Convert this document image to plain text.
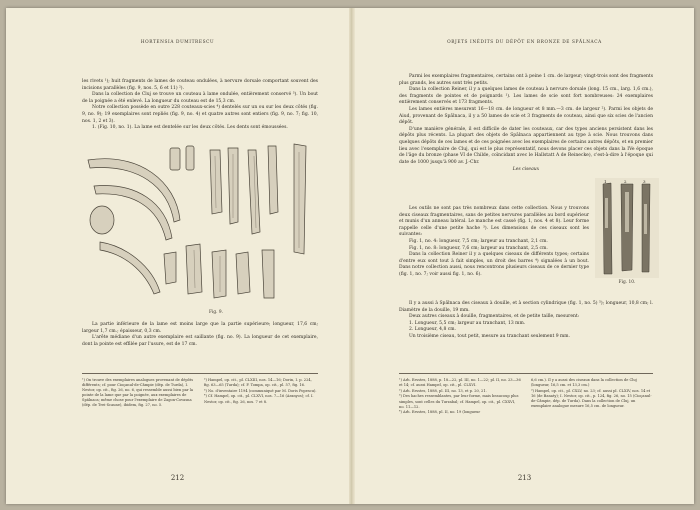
HORTENSIA DUMITRESCU

les rivets ¹); huit fragments de lames de couteau ondulées, à nervure dorsale comportant souvent des incisions parallèles (fig. 9, nos. 5, 6 et 11) ²).

Dans la collection de Cluj se trouve un couteau à lame ondulée, entièrement conservé ³). Un bout de la poignée a été enlevé. La longueur du couteau est de 15,3 cm.

Notre collection possède en outre 228 couteaux-scies ⁴) dentelés sur un ou sur les deux côtés (fig. 9, no. 9); 19 exemplaires sont repliés (fig. 9, no. 4) et quatre autres sont entiers (fig. 9, no. 7; fig. 10, nos. 1, 2 et 3).

1. (Fig. 10, no. 1). La lame est dentelée sur les deux côtés. Les dents sont émoussées.

Fig. 9.

La partie inférieure de la lame est moins large que la partie supérieure; longueur, 17,6 cm; largeur 1,7 cm.; épaisseur, 0,3 cm.

L'arête médiane d'un autre exemplaire est saillante (fig. no. 9). La longueur de cet exemplaire, dont la pointe est effilée par l'usure, est de 17 cm.

¹) On trouve des exemplaires analogues provenant de dépôts différents; cf. pour Cioçanul-de-Câmpie (dép. de Turda), I. Nestor, op. cit., fig. 26, no. 6, qui ressemble aussi bien par la pointe de la lame que par la poignée, aux exemplaires de Spălnaca; même chose pour l'exemplaire de Zagon-Covasna (dép. de Trei-Scaune), ibidem, fig. 27, no. 5.

²) Hampel, op. cit., pl. CLXIII, nos. 14—16; Dorin, I. p. 224, fig. 63—65 (Turda); cf. F. Tompa, op. cit., pl. 57, fig. 16.

³) No. d'inventaire 1194 (communiqué par M. Doris Popescu).

⁴) Cf. Hampel, op. cit., pl. CLXVI, nos. 7—16 (Aranyos); cf. I. Nestor, op. cit., fig. 26, nos. 7 et 8.

212
OBJETS INÉDITS DU DÉPÔT EN BRONZE DE SPĂLNACA

Parmi les exemplaires fragmentaires, certains ont à peine 1 cm. de largeur; vingt-trois sont des fragments plus grands, les autres sont très petits.

Dans la collection Reiner, il y a quelques lames de couteau à nervure dorsale (long. 15 cm., larg. 1,6 cm.), des fragments de pointes et de poignards ¹). Les lames de scie sont fort nombreuses: 24 exemplaires entièrement conservés et 173 fragments.

Les lames entières mesurent 16—18 cm. de longueur et 8 mm.—3 cm. de largeur ²). Parmi les objets de Aiud, provenant de Spălnaca, il y a 50 lames de scie et 3 fragments de couteau, ainsi que six scies de l'ancien dépôt.

D'une manière générale, il est difficile de dater les couteaux, car des types anciens persistent dans les dépôts plus récents. La plupart des objets de Spălnaca appartiennent au type à scie. Nous trouvons dans quelques dépôts de ces lames et de ces poignées avec les exemplaires de certains autres dépôts, et en premier lieu avec l'exemplaire de Cluj, qui est le plus représentatif, nous devons placer ces objets dans la IVe époque de l'âge du bronze (phase VI de Childe, coïncidant avec le Hallstatt A de Reinecke), c'est-à-dire à l'époque qui date de 1000 jusqu'à 900 av. J.-Chr.

Les ciseaux

Les outils ne sont pas très nombreux dans cette collection. Nous y trouvons deux ciseaux fragmentaires, sans de petites nervures parallèles au bord supérieur et munis d'un anneau latéral. Le manche est cassé (fig. 1, nos. 4 et 8). Leur forme rappelle celle d'une petite hache ³). Les dimensions de ces ciseaux sont les suivantes:

Fig. 1, no. 4: longueur, 7,5 cm; largeur au tranchant, 2,1 cm.

Fig. 1, no. 8: longueur, 7,6 cm; largeur au tranchant, 2,5 cm.

Dans la collection Reiner il y a quelques ciseaux de différents types; certains d'entre eux sont tout à fait simples, un droit des barres ⁴) signalées à un bout. Dans notre collection aussi, nous rencontrons plusieurs ciseaux de ce dernier type (fig. 1, no. 7; voir aussi fig. 1, no. 6).

1	2	3
Fig. 10.

Il y a aussi à Spălnaca des ciseaux à douille, et à section cylindrique (fig. 1, no. 5) ⁵); longueur, 10,8 cm; l. Diamètre de la douille, 19 mm.

Deux autres ciseaux à douille, fragmentaires, et de petite taille, mesurent:

1. Longueur, 5,5 cm; largeur au tranchant, 13 mm.

2. Longueur, 4,8 cm.

Un troisième ciseau, tout petit, mesure au tranchant seulement 9 mm.

¹) Arh. Ersstes, 1888, p. 18—22, pl. III, no. 1—22; pl. II, no. 23—36 et 14; cf. aussi Hampel, op. cit., pl. CLXVI.

²) Arh. Ersstes, 1888, pl. III, no. 13, et p. 20, 21.

³) Des haches ressemblantes, par leur forme, mais beaucoup plus simples, sont celles du Turzabal; cf. Hampel, op. cit., pl. CXXVI, no. 11—12.

⁴) Arh. Ersstes, 1888, pl. II, no. 19 (longueur

6,6 cm.). Il y a aussi des ciseaux dans la collection de Cluj (longueur, 16,5 cm. et 13,3 cm.)

⁵) Hampel, op. cit., pl. CXLV, no. 23; cf. aussi pl. CLXIV, nos. 14 et 16 (de Banaty); I. Nestor, op. cit., p. 124, fig. 26, no. 15 (Cioçanul-de-Câmpie, dép. de Turda). Dans la collection de Cluj, un exemplaire analogue mesure 16,5 cm. de longueur.

213
